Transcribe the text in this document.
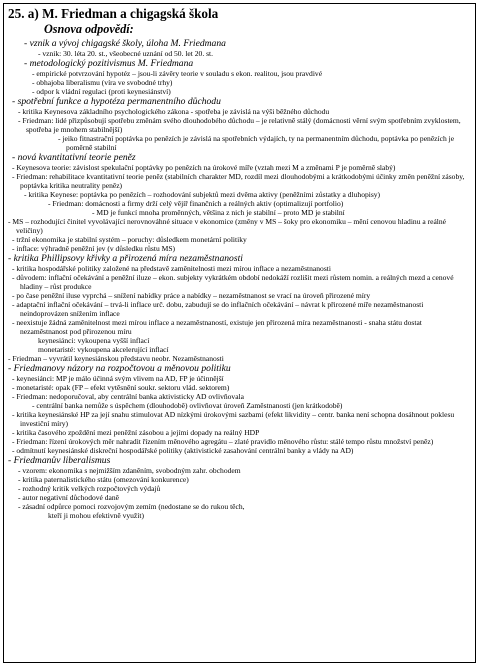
25. a) M. Friedman a chigagská škola
Osnova odpovědí:
- vznik a vývoj chigagské školy, úloha M. Friedmana
- vznik: 30. léta 20. st., všeobecné uznání od 50. let 20. st.
- metodologický pozitivismus M. Friedmana
- empirické potvrzování hypotéz – jsou-li závěry teorie v souladu s ekon. realitou, jsou pravdivé
- obhajoba liberalismu (víra ve svobodné trhy)
- odpor k vládní regulaci (proti keynesiánství)
- spotřební funkce a hypotéza permanentního důchodu
- kritika Keynesova základního psychologického zákona - spotřeba je závislá na výši běžného důchodu
- Friedman: lidé přizpůsobují spotřebu změnám svého dlouhodobého důchodu – je relativně stálý (domácnosti věrní svým spotřebním zvyklostem, spotřeba je mnohem stabilnější)
- jeiko fitnastrační poptávka po penězích je závislá na spotřebních výdajích, ty na permanentním důchodu, poptávka po penězích je poměrně stabilní
- nová kvantitativní teorie peněz
- Keynesova teorie: závislost spekulační poptávky po penězích na úrokové míře (vztah mezi M a změnami P je poměrně slabý)
- Friedman: rehabilitace kvantitativní teorie peněz (stabilních charakter MD, rozdíl mezi dlouhodobými a krátkodobými účinky změn peněžní zásoby, poptávka kritika neutrality peněz)
- kritika Keynese: poptávka po penězích – rozhodování subjektů mezi dvěma aktivy (peněžními zůstatky a dluhopisy)
- Friedman: domácnosti a firmy drží celý vějíř finančních a reálných aktiv (optimalizují portfolio)
- MD je funkcí mnoha proměnných, většina z nich je stabilní – proto MD je stabilní
- MS – rozhodující činitel vyvolávající nerovnováhné situace v ekonomice (změny v MS – šoky pro ekonomiku – mění cenovou hladinu a reálné veličiny)
- tržní ekonomika je stabilní systém – poruchy: důsledkem monetární politiky
- inflace: výhradně peněžní jev (v důsledku růstu MS)
- kritika Phillipsovy křivky a přirozená míra nezaměstnanosti
- kritika hospodářské politiky založené na představě zaměnitelnosti mezi mírou inflace a nezaměstnanosti
- důvodem: inflační očekávání a peněžní iluze – ekon. subjekty vykrátkém období nedokáží rozlišit mezi růstem nomin. a reálných mezd a cenové hladiny – růst produkce
- po čase peněžní iluse vyprchá – snížení nabídky práce a nabídky – nezaměstnanost se vrací na úroveň přirozené míry
- adaptační inflační očekávání – trvá-li inflace urč. dobu, zabudují se do inflačních očekávání – návrat k přirozené míře nezaměstnanosti neindoprovázen snížením inflace
- neexistuje žádná zaměnitelnost mezi mírou inflace a nezaměstnaností, existuje jen přirozená míra nezaměstnanosti - snaha státu dostat nezaměstnanost pod přirozenou míru
keynesiánci: vykoupena vyšší inflací
monetaristé: vykoupena akcelerující inflací
- Friedman – vyvrátil keynesiánskou představu neobr. Nezaměstnanosti
- Friedmanovy názory na rozpočtovou a měnovou politiku
- keynesiánci: MP je málo účinná svým vlivem na AD, FP je účinnější
- monetaristé: opak (FP – efekt vytěsnění soukr. sektoru vlád. sektorem)
- Friedman: nedoporučoval, aby centrální banka aktivisticky AD ovlivňovala
- centrální banka nemůže s úspěchem (dlouhodobě) ovlivňovat úroveň Zaměstnanosti (jen krátkodobě)
- kritika keynesiánské HP za její snahu stimulovat AD nízkými úrokovými sazbami (efekt likvidity – centr. banka není schopna dosáhnout poklesu investiční míry)
- kritika časového zpoždění mezi peněžní zásobou a jejími dopady na reálný HDP
- Friedman: řízení úrokových měr nahradit řízením měnového agregátu – zlaté pravidlo měnového růstu: stálé tempo růstu množství peněz)
- odmítnutí keynesiánské diskreční hospodářské politiky (aktivistické zasahování centrální banky a vlády na AD)
- Friedmanův liberalismus
- vzorem: ekonomika s nejmižším zdaněním, svobodným zahr. obchodem
- kritika paternalistického státu (omezování konkurence)
- rozhodný kritik velkých rozpočtových výdajů
- autor negativní důchodové daně
- zásadní odpůrce pomoci rozvojovým zemím (nedostane se do rukou těch,
kteří ji mohou efektivně využít)
